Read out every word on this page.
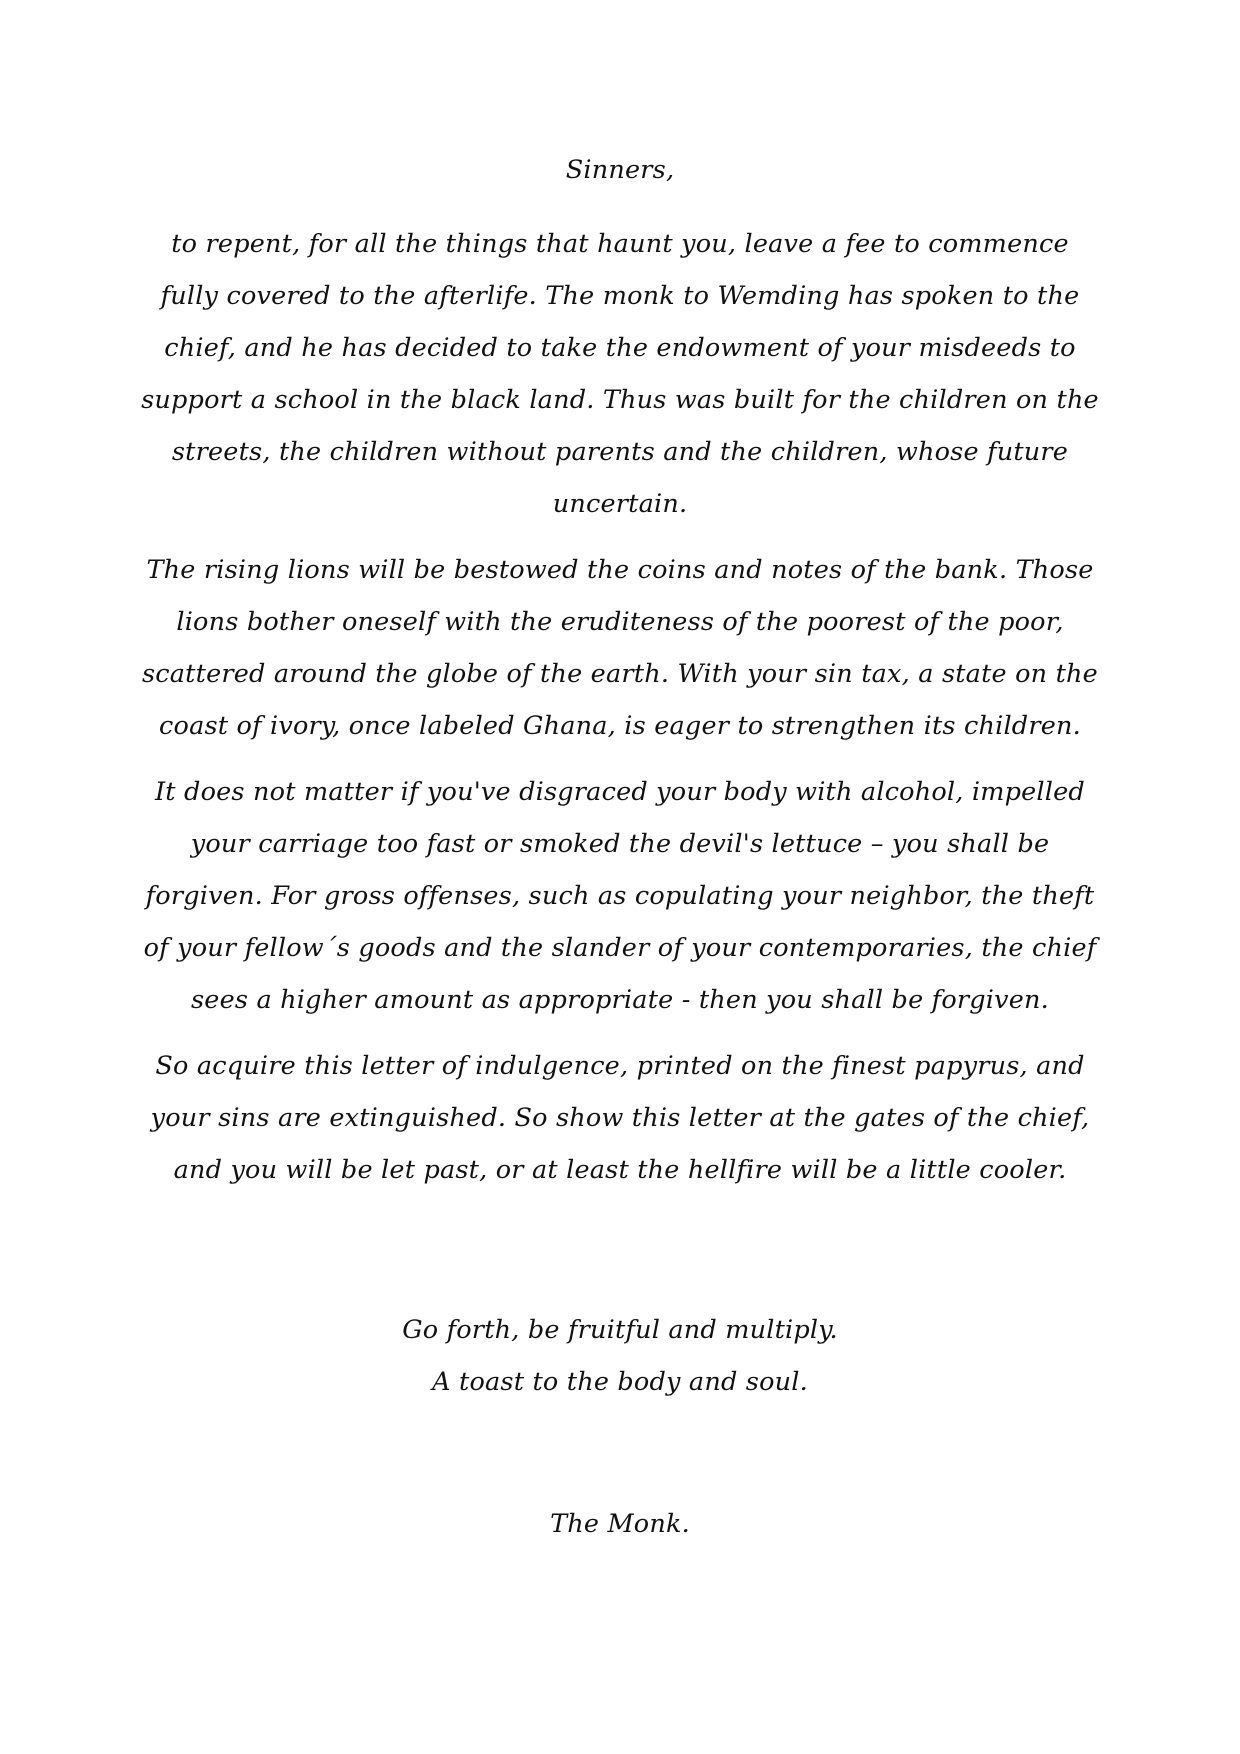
Sinners,

to repent, for all the things that haunt you, leave a fee to commence fully covered to the afterlife. The monk to Wemding has spoken to the chief, and he has decided to take the endowment of your misdeeds to support a school in the black land. Thus was built for the children on the streets, the children without parents and the children, whose future uncertain.

The rising lions will be bestowed the coins and notes of the bank. Those lions bother oneself with the eruditeness of the poorest of the poor, scattered around the globe of the earth. With your sin tax, a state on the coast of ivory, once labeled Ghana, is eager to strengthen its children.

It does not matter if you've disgraced your body with alcohol, impelled your carriage too fast or smoked the devil's lettuce – you shall be forgiven. For gross offenses, such as copulating your neighbor, the theft of your fellow´s goods and the slander of your contemporaries, the chief sees a higher amount as appropriate - then you shall be forgiven.

So acquire this letter of indulgence, printed on the finest papyrus, and your sins are extinguished. So show this letter at the gates of the chief, and you will be let past, or at least the hellfire will be a little cooler.

Go forth, be fruitful and multiply.
A toast to the body and soul.

The Monk.
